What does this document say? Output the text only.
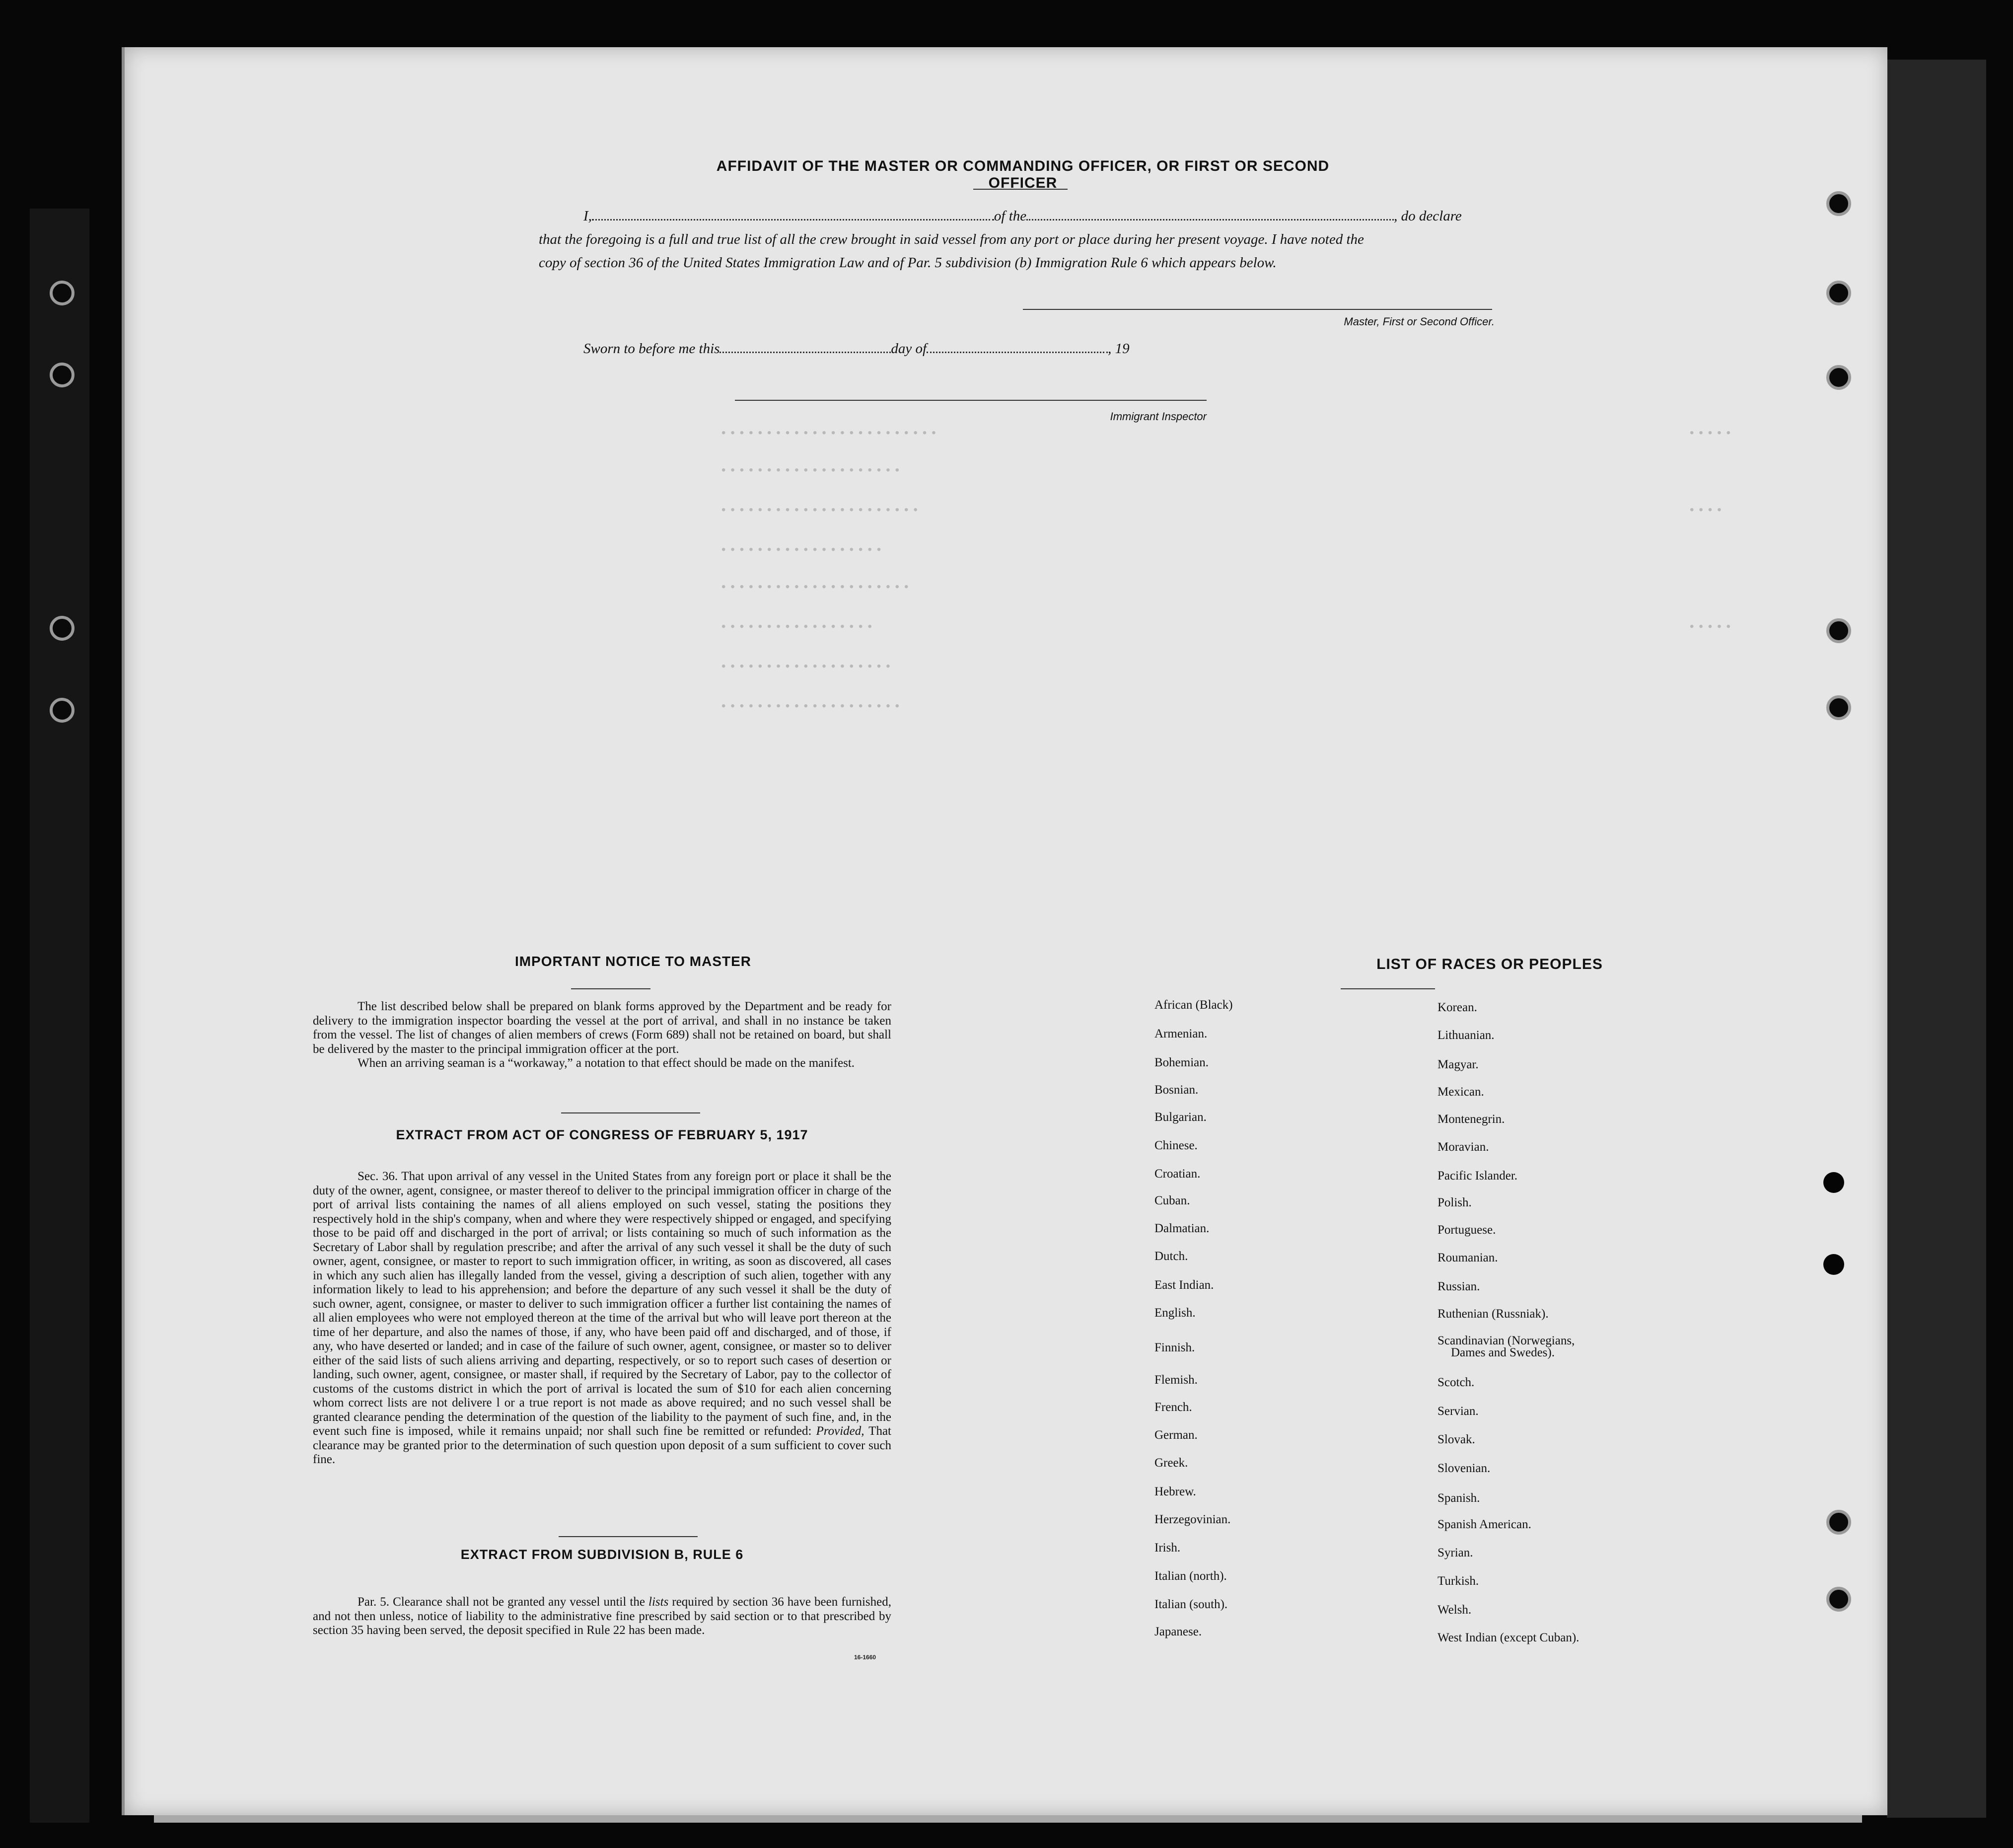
••••••••••••••••••••••••
••••••••••••••••••••
••••••••••••••••••••••
••••••••••••••••••
•••••••••••••••••••••
•••••••••••••••••
•••••••••••••••••••
••••••••••••••••••••
•••••
••••
•••••
AFFIDAVIT OF THE MASTER OR COMMANDING OFFICER, OR FIRST OR SECOND OFFICER
I,	of the	, do declare
that the foregoing is a full and true list of all the crew brought in said vessel from any port or place during her present voyage. I have noted the
copy of section 36 of the United States Immigration Law and of Par. 5 subdivision (b) Immigration Rule 6 which appears below.
Master, First or Second Officer.
Sworn to before me this	day of	, 19
Immigrant Inspector
IMPORTANT NOTICE TO MASTER

The list described below shall be prepared on blank forms approved by the Department and be ready for delivery to the immigration inspector boarding the vessel at the port of arrival, and shall in no instance be taken from the vessel. The list of changes of alien members of crews (Form 689) shall not be retained on board, but shall be delivered by the master to the principal immigration officer at the port.

When an arriving seaman is a “workaway,” a notation to that effect should be made on the manifest.

EXTRACT FROM ACT OF CONGRESS OF FEBRUARY 5, 1917

Sec. 36. That upon arrival of any vessel in the United States from any foreign port or place it shall be the duty of the owner, agent, consignee, or master thereof to deliver to the principal immigration officer in charge of the port of arrival lists containing the names of all aliens employed on such vessel, stating the positions they respectively hold in the ship's company, when and where they were respectively shipped or engaged, and specifying those to be paid off and discharged in the port of arrival; or lists containing so much of such information as the Secretary of Labor shall by regulation prescribe; and after the arrival of any such vessel it shall be the duty of such owner, agent, consignee, or master to report to such immigration officer, in writing, as soon as discovered, all cases in which any such alien has illegally landed from the vessel, giving a description of such alien, together with any information likely to lead to his apprehension; and before the departure of any such vessel it shall be the duty of such owner, agent, consignee, or master to deliver to such immigration officer a further list containing the names of all alien employees who were not employed thereon at the time of the arrival but who will leave port thereon at the time of her departure, and also the names of those, if any, who have been paid off and discharged, and of those, if any, who have deserted or landed; and in case of the failure of such owner, agent, consignee, or master so to deliver either of the said lists of such aliens arriving and departing, respectively, or so to report such cases of desertion or landing, such owner, agent, consignee, or master shall, if required by the Secretary of Labor, pay to the collector of customs of the customs district in which the port of arrival is located the sum of $10 for each alien concerning whom correct lists are not delivere l or a true report is not made as above required; and no such vessel shall be granted clearance pending the determination of the question of the liability to the payment of such fine, and, in the event such fine is imposed, while it remains unpaid; nor shall such fine be remitted or refunded: Provided, That clearance may be granted prior to the determination of such question upon deposit of a sum sufficient to cover such fine.

EXTRACT FROM SUBDIVISION B, RULE 6

Par. 5. Clearance shall not be granted any vessel until the lists required by section 36 have been furnished, and not then unless, notice of liability to the administrative fine prescribed by said section or to that prescribed by section 35 having been served, the deposit specified in Rule 22 has been made.

16-1660
LIST OF RACES OR PEOPLES
African (Black)
Armenian.
Bohemian.
Bosnian.
Bulgarian.
Chinese.
Croatian.
Cuban.
Dalmatian.
Dutch.
East Indian.
English.
Finnish.
Flemish.
French.
German.
Greek.
Hebrew.
Herzegovinian.
Irish.
Italian (north).
Italian (south).
Japanese.
Korean.
Lithuanian.
Magyar.
Mexican.
Montenegrin.
Moravian.
Pacific Islander.
Polish.
Portuguese.
Roumanian.
Russian.
Ruthenian (Russniak).
Scandinavian (Norwegians,
Dames and Swedes).
Scotch.
Servian.
Slovak.
Slovenian.
Spanish.
Spanish American.
Syrian.
Turkish.
Welsh.
West Indian (except Cuban).
